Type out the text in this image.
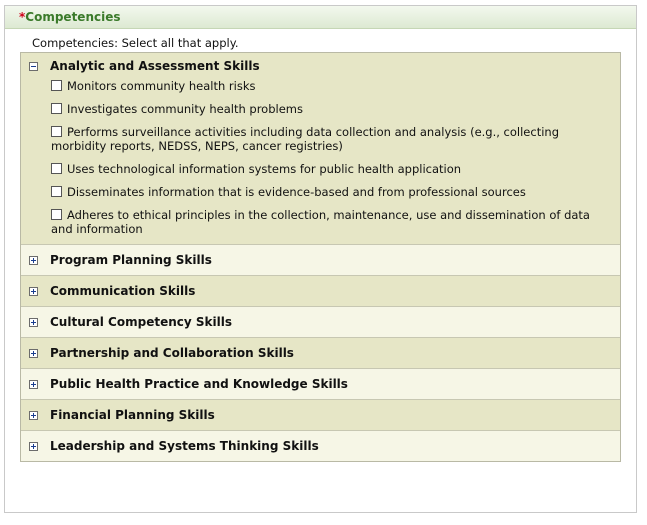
*Competencies
Competencies: Select all that apply.
Analytic and Assessment Skills
Monitors community health risks
Investigates community health problems
Performs surveillance activities including data collection and analysis (e.g., collecting morbidity reports, NEDSS, NEPS, cancer registries)
Uses technological information systems for public health application
Disseminates information that is evidence-based and from professional sources
Adheres to ethical principles in the collection, maintenance, use and dissemination of data and information
Program Planning Skills
Communication Skills
Cultural Competency Skills
Partnership and Collaboration Skills
Public Health Practice and Knowledge Skills
Financial Planning Skills
Leadership and Systems Thinking Skills
